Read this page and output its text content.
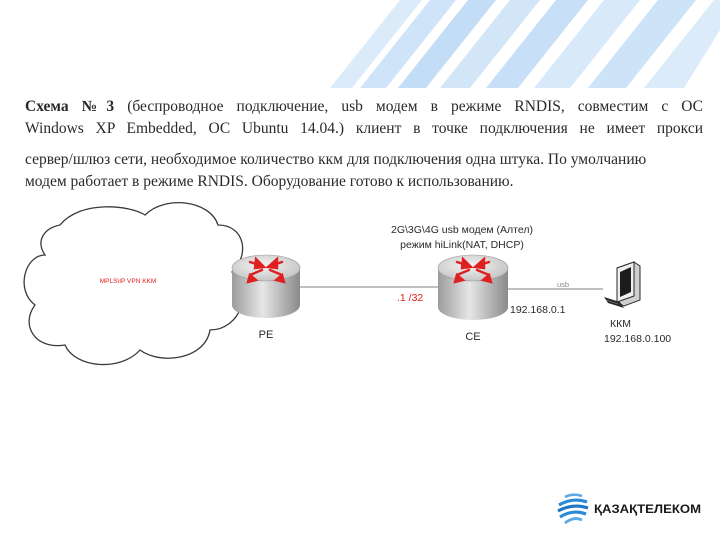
Схема №3 (беспроводное подключение, usb модем в режиме RNDIS, совместим с ОС
Windows XP Embedded, ОС Ubuntu 14.04.) клиент в точке подключения не имеет прокси

сервер/шлюз сети, необходимое количество ккм для подключения одна штука. По умолчанию
модем работает в режиме RNDIS. Оборудование готово к использованию.

MPLS\IP VPN KKM
PE	CE
2G\3G\4G usb модем (Алтел)
режим hiLink(NAT, DHCP)
.1 /32
usb
192.168.0.1
ККМ
192.168.0.100
ҚАЗАҚТЕЛЕКОМ
